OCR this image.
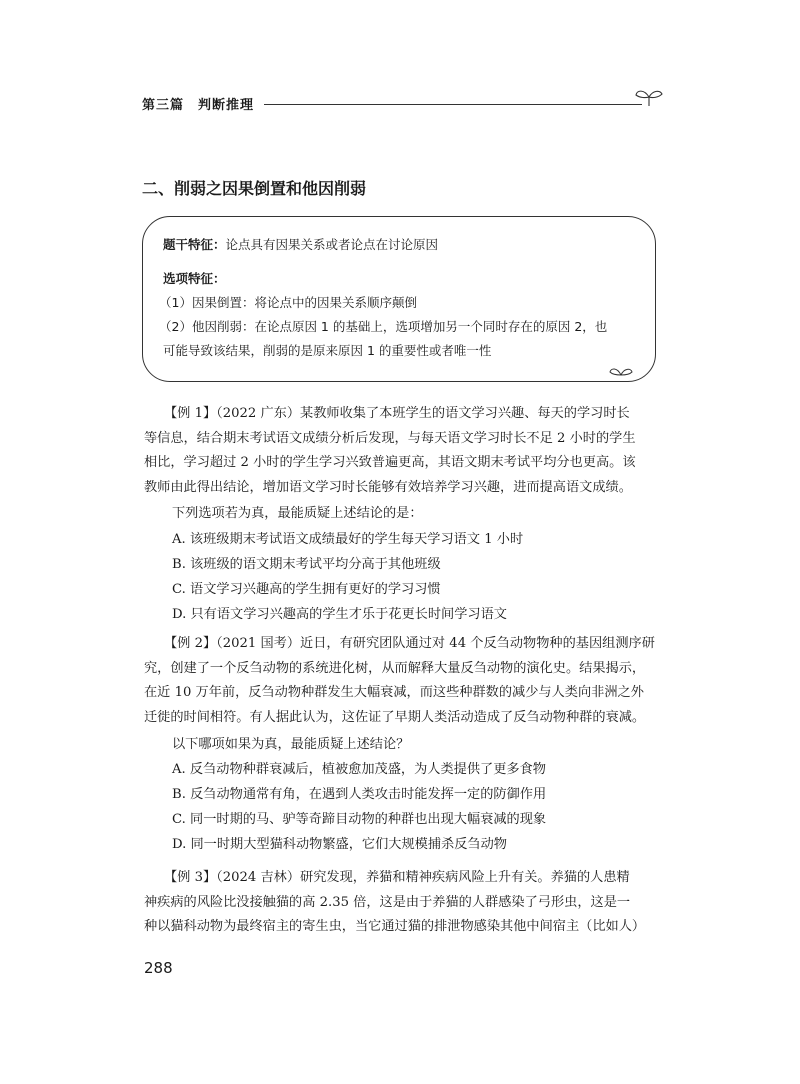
第三篇　判断推理
二、削弱之因果倒置和他因削弱
题干特征：论点具有因果关系或者论点在讨论原因
选项特征：
（1）因果倒置：将论点中的因果关系顺序颠倒
（2）他因削弱：在论点原因 1 的基础上，选项增加另一个同时存在的原因 2，也
可能导致该结果，削弱的是原来原因 1 的重要性或者唯一性
【例 1】（2022 广东）某教师收集了本班学生的语文学习兴趣、每天的学习时长
等信息，结合期末考试语文成绩分析后发现，与每天语文学习时长不足 2 小时的学生
相比，学习超过 2 小时的学生学习兴致普遍更高，其语文期末考试平均分也更高。该
教师由此得出结论，增加语文学习时长能够有效培养学习兴趣，进而提高语文成绩。
下列选项若为真，最能质疑上述结论的是：
A. 该班级期末考试语文成绩最好的学生每天学习语文 1 小时
B. 该班级的语文期末考试平均分高于其他班级
C. 语文学习兴趣高的学生拥有更好的学习习惯
D. 只有语文学习兴趣高的学生才乐于花更长时间学习语文
【例 2】（2021 国考）近日，有研究团队通过对 44 个反刍动物物种的基因组测序研
究，创建了一个反刍动物的系统进化树，从而解释大量反刍动物的演化史。结果揭示，
在近 10 万年前，反刍动物种群发生大幅衰减，而这些种群数的减少与人类向非洲之外
迁徙的时间相符。有人据此认为，这佐证了早期人类活动造成了反刍动物种群的衰减。
以下哪项如果为真，最能质疑上述结论？
A. 反刍动物种群衰减后，植被愈加茂盛，为人类提供了更多食物
B. 反刍动物通常有角，在遇到人类攻击时能发挥一定的防御作用
C. 同一时期的马、驴等奇蹄目动物的种群也出现大幅衰减的现象
D. 同一时期大型猫科动物繁盛，它们大规模捕杀反刍动物
【例 3】（2024 吉林）研究发现，养猫和精神疾病风险上升有关。养猫的人患精
神疾病的风险比没接触猫的高 2.35 倍，这是由于养猫的人群感染了弓形虫，这是一
种以猫科动物为最终宿主的寄生虫，当它通过猫的排泄物感染其他中间宿主（比如人）
288
